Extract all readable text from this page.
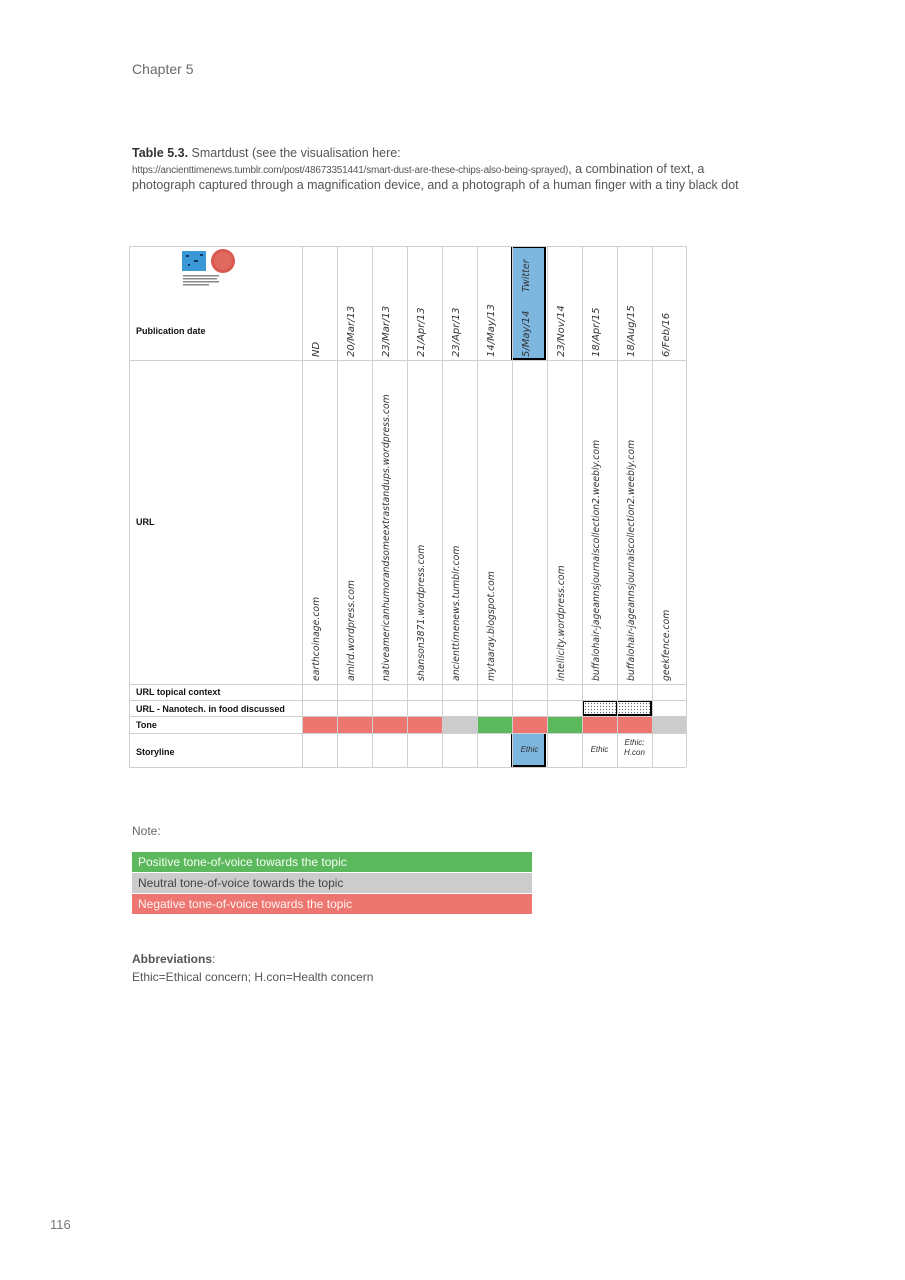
Chapter 5
Table 5.3. Smartdust (see the visualisation here:
https://ancienttimenews.tumblr.com/post/48673351441/smart-dust-are-these-chips-also-being-sprayed), a combination of text, a photograph captured through a magnification device, and a photograph of a human finger with a tiny black dot
Publication date
URL
URL topical context
URL - Nanotech. in food discussed
Tone
Storyline
Twitter
ND
earthcoinage.com
20/Mar/13
amlrd.wordpress.com
23/Mar/13
nativeamericanhumorandsomeextrastandups.wordpress.com
21/Apr/13
shanson3871.wordpress.com
23/Apr/13
ancienttimenews.tumblr.com
14/May/13
mytaaray.blogspot.com
5/May/14
Ethic
23/Nov/14
intellicity.wordpress.com
18/Apr/15
buffalohair-jageannsjournalscollection2.weebly.com
Ethic
18/Aug/15
buffalohair-jageannsjournalscollection2.weebly.com
Ethic; H.con
6/Feb/16
geekfence.com
Note:
Positive tone-of-voice towards the topic
Neutral tone-of-voice towards the topic
Negative tone-of-voice towards the topic
Abbreviations:
Ethic=Ethical concern; H.con=Health concern
116
